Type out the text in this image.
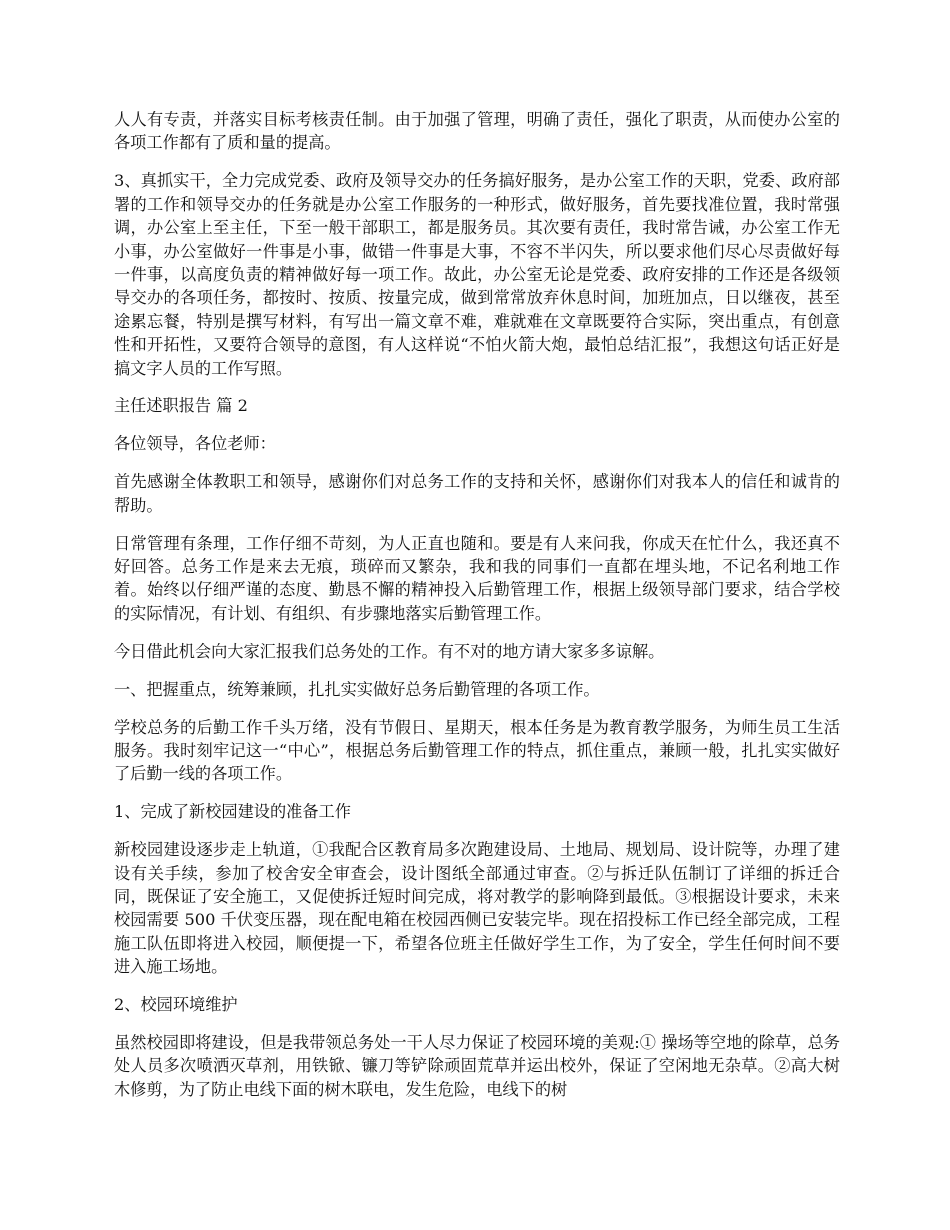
人人有专责，并落实目标考核责任制。由于加强了管理，明确了责任，强化了职责，从而使办公室的各项工作都有了质和量的提高。

3、真抓实干，全力完成党委、政府及领导交办的任务搞好服务，是办公室工作的天职，党委、政府部署的工作和领导交办的任务就是办公室工作服务的一种形式，做好服务，首先要找准位置，我时常强调，办公室上至主任，下至一般干部职工，都是服务员。其次要有责任，我时常告诫，办公室工作无小事，办公室做好一件事是小事，做错一件事是大事，不容不半闪失，所以要求他们尽心尽责做好每一件事，以高度负责的精神做好每一项工作。故此，办公室无论是党委、政府安排的工作还是各级领导交办的各项任务，都按时、按质、按量完成，做到常常放弃休息时间，加班加点，日以继夜，甚至途累忘餐，特别是撰写材料，有写出一篇文章不难，难就难在文章既要符合实际，突出重点，有创意性和开拓性，又要符合领导的意图，有人这样说“不怕火箭大炮，最怕总结汇报”，我想这句话正好是搞文字人员的工作写照。

主任述职报告 篇 2

各位领导，各位老师：

首先感谢全体教职工和领导，感谢你们对总务工作的支持和关怀，感谢你们对我本人的信任和诚肯的帮助。

日常管理有条理，工作仔细不苛刻，为人正直也随和。要是有人来问我，你成天在忙什么，我还真不好回答。总务工作是来去无痕，琐碎而又繁杂，我和我的同事们一直都在埋头地，不记名利地工作着。始终以仔细严谨的态度、勤恳不懈的精神投入后勤管理工作，根据上级领导部门要求，结合学校的实际情况，有计划、有组织、有步骤地落实后勤管理工作。

今日借此机会向大家汇报我们总务处的工作。有不对的地方请大家多多谅解。

一、把握重点，统筹兼顾，扎扎实实做好总务后勤管理的各项工作。

学校总务的后勤工作千头万绪，没有节假日、星期天，根本任务是为教育教学服务，为师生员工生活服务。我时刻牢记这一“中心”，根据总务后勤管理工作的特点，抓住重点，兼顾一般，扎扎实实做好了后勤一线的各项工作。

1、完成了新校园建设的准备工作

新校园建设逐步走上轨道，①我配合区教育局多次跑建设局、土地局、规划局、设计院等，办理了建设有关手续，参加了校舍安全审查会，设计图纸全部通过审查。②与拆迁队伍制订了详细的拆迁合同，既保证了安全施工，又促使拆迁短时间完成，将对教学的影响降到最低。③根据设计要求，未来校园需要 500 千伏变压器，现在配电箱在校园西侧已安装完毕。现在招投标工作已经全部完成，工程施工队伍即将进入校园，顺便提一下，希望各位班主任做好学生工作，为了安全，学生任何时间不要进入施工场地。

2、校园环境维护

虽然校园即将建设，但是我带领总务处一干人尽力保证了校园环境的美观:① 操场等空地的除草，总务处人员多次喷洒灭草剂，用铁锨、镰刀等铲除顽固荒草并运出校外，保证了空闲地无杂草。②高大树木修剪，为了防止电线下面的树木联电，发生危险，电线下的树
